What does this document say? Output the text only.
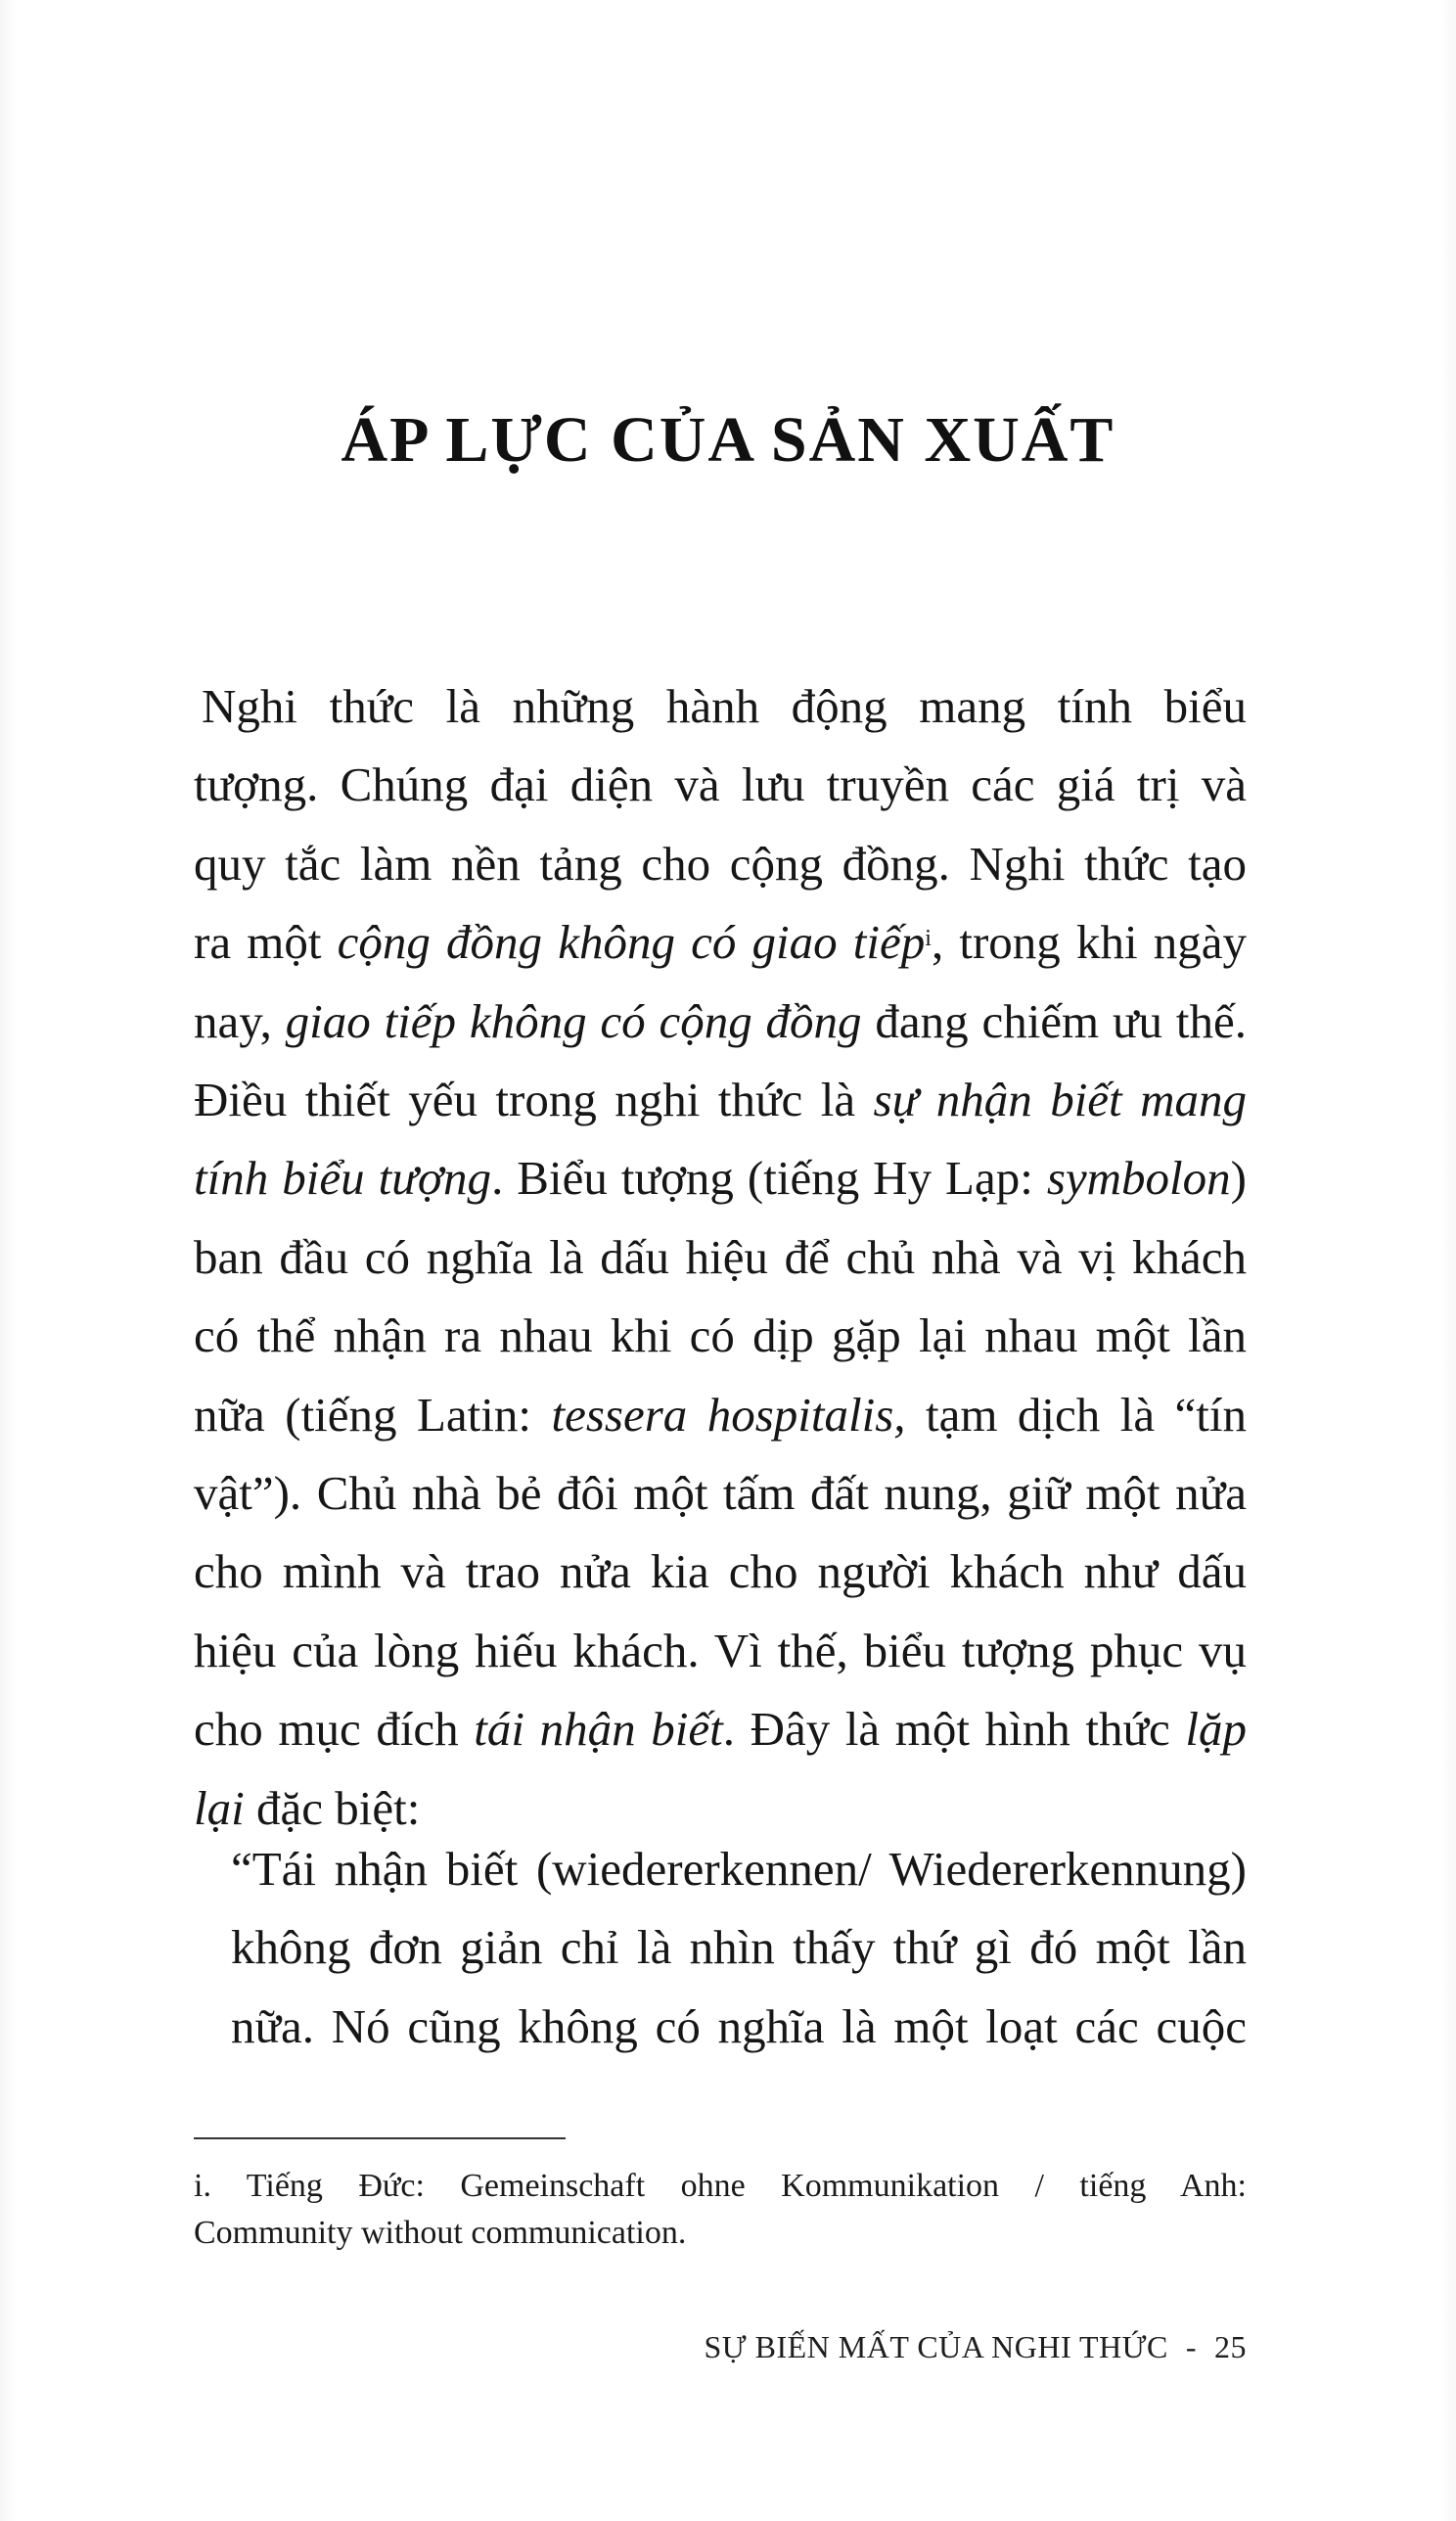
ÁP LỰC CỦA SẢN XUẤT
Nghi thức là những hành động mang tính biểu
tượng. Chúng đại diện và lưu truyền các giá trị và
quy tắc làm nền tảng cho cộng đồng. Nghi thức tạo
ra một cộng đồng không có giao tiếp$^i$, trong khi ngày
nay, giao tiếp không có cộng đồng đang chiếm ưu thế.
Điều thiết yếu trong nghi thức là sự nhận biết mang
tính biểu tượng. Biểu tượng (tiếng Hy Lạp: symbolon)
ban đầu có nghĩa là dấu hiệu để chủ nhà và vị khách
có thể nhận ra nhau khi có dịp gặp lại nhau một lần
nữa (tiếng Latin: tessera hospitalis, tạm dịch là “tín
vật”). Chủ nhà bẻ đôi một tấm đất nung, giữ một nửa
cho mình và trao nửa kia cho người khách như dấu
hiệu của lòng hiếu khách. Vì thế, biểu tượng phục vụ
cho mục đích tái nhận biết. Đây là một hình thức lặp
lại đặc biệt:
“Tái nhận biết (wiedererkennen/ Wiedererkennung)
không đơn giản chỉ là nhìn thấy thứ gì đó một lần
nữa. Nó cũng không có nghĩa là một loạt các cuộc
i. Tiếng Đức: Gemeinschaft ohne Kommunikation / tiếng Anh:
Community without communication.
SỰ BIẾN MẤT CỦA NGHI THỨC - 25
